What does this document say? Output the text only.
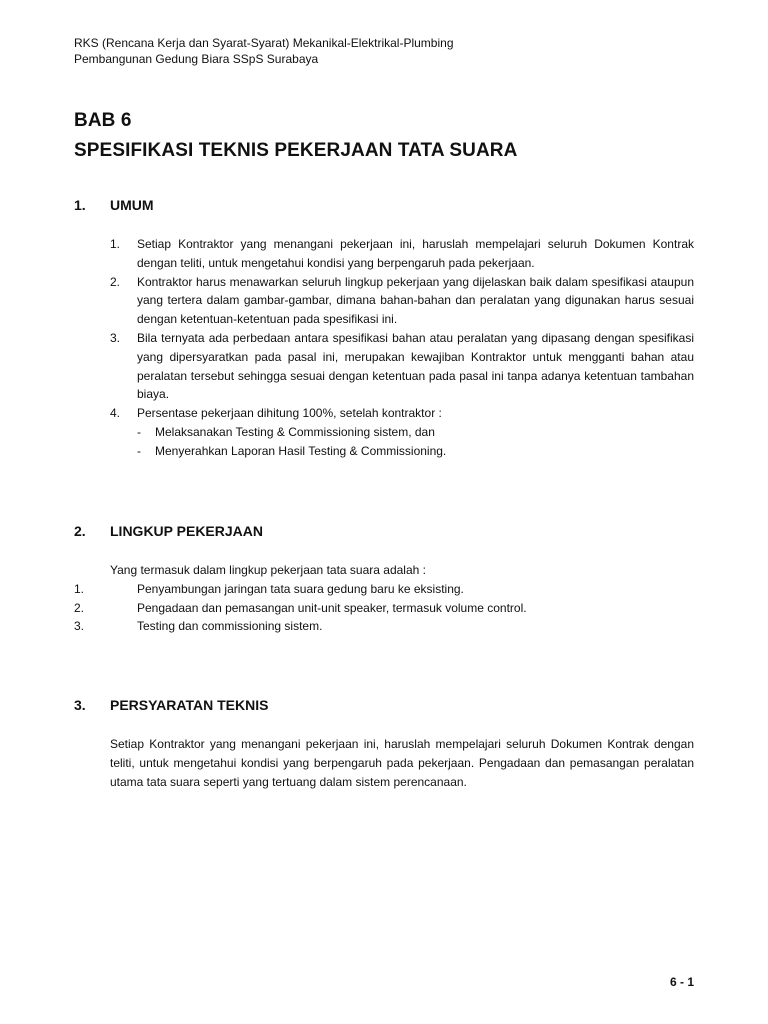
RKS (Rencana Kerja dan Syarat-Syarat) Mekanikal-Elektrikal-Plumbing
Pembangunan Gedung Biara SSpS Surabaya
BAB 6
SPESIFIKASI TEKNIS PEKERJAAN TATA SUARA
1. UMUM
1. Setiap Kontraktor yang menangani pekerjaan ini, haruslah mempelajari seluruh Dokumen Kontrak dengan teliti, untuk mengetahui kondisi yang berpengaruh pada pekerjaan.
2. Kontraktor harus menawarkan seluruh lingkup pekerjaan yang dijelaskan baik dalam spesifikasi ataupun yang tertera dalam gambar-gambar, dimana bahan-bahan dan peralatan yang digunakan harus sesuai dengan ketentuan-ketentuan pada spesifikasi ini.
3. Bila ternyata ada perbedaan antara spesifikasi bahan atau peralatan yang dipasang dengan spesifikasi yang dipersyaratkan pada pasal ini, merupakan kewajiban Kontraktor untuk mengganti bahan atau peralatan tersebut sehingga sesuai dengan ketentuan pada pasal ini tanpa adanya ketentuan tambahan biaya.
4. Persentase pekerjaan dihitung 100%, setelah kontraktor :
- Melaksanakan Testing & Commissioning sistem, dan
- Menyerahkan Laporan Hasil Testing & Commissioning.
2. LINGKUP PEKERJAAN
Yang termasuk dalam lingkup pekerjaan tata suara adalah :
1.	Penyambungan jaringan tata suara gedung baru ke eksisting.
2.	Pengadaan dan pemasangan unit-unit speaker, termasuk volume control.
3.	Testing dan commissioning sistem.
3. PERSYARATAN TEKNIS
Setiap Kontraktor yang menangani pekerjaan ini, haruslah mempelajari seluruh Dokumen Kontrak dengan teliti, untuk mengetahui kondisi yang berpengaruh pada pekerjaan. Pengadaan dan pemasangan peralatan utama tata suara seperti yang tertuang dalam sistem perencanaan.
6 - 1
